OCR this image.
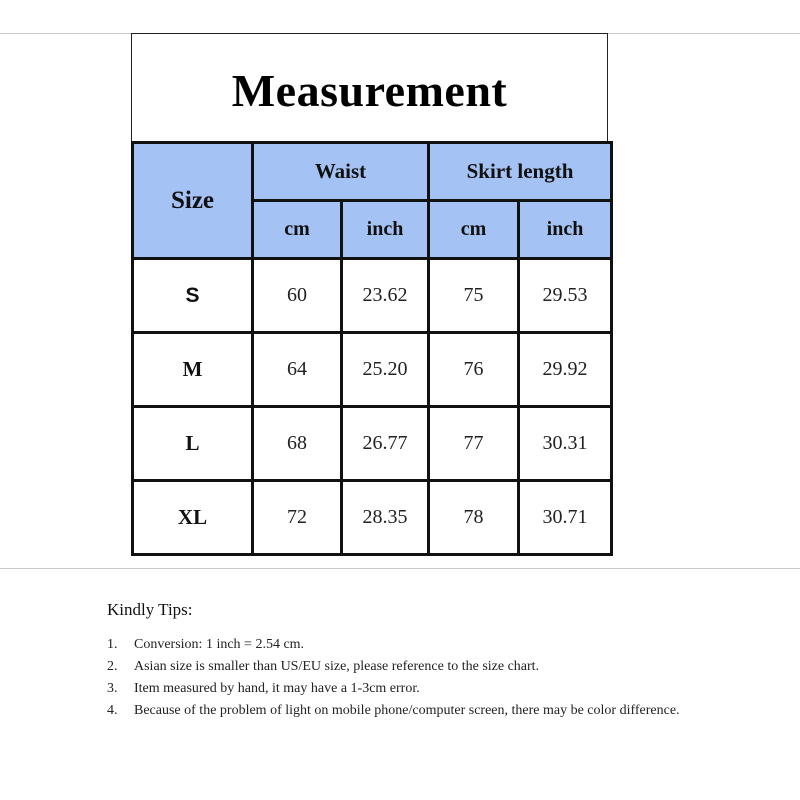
Measurement
Size	Waist		Skirt length	
	cm	inch	cm	inch
S	60	23.62	75	29.53
M	64	25.20	76	29.92
L	68	26.77	77	30.31
XL	72	28.35	78	30.71

Kindly Tips:

1.	Conversion: 1 inch = 2.54 cm.
2.	Asian size is smaller than US/EU size, please reference to the size chart.
3.	Item measured by hand, it may have a 1-3cm error.
4.	Because of the problem of light on mobile phone/computer screen, there may be color difference.
